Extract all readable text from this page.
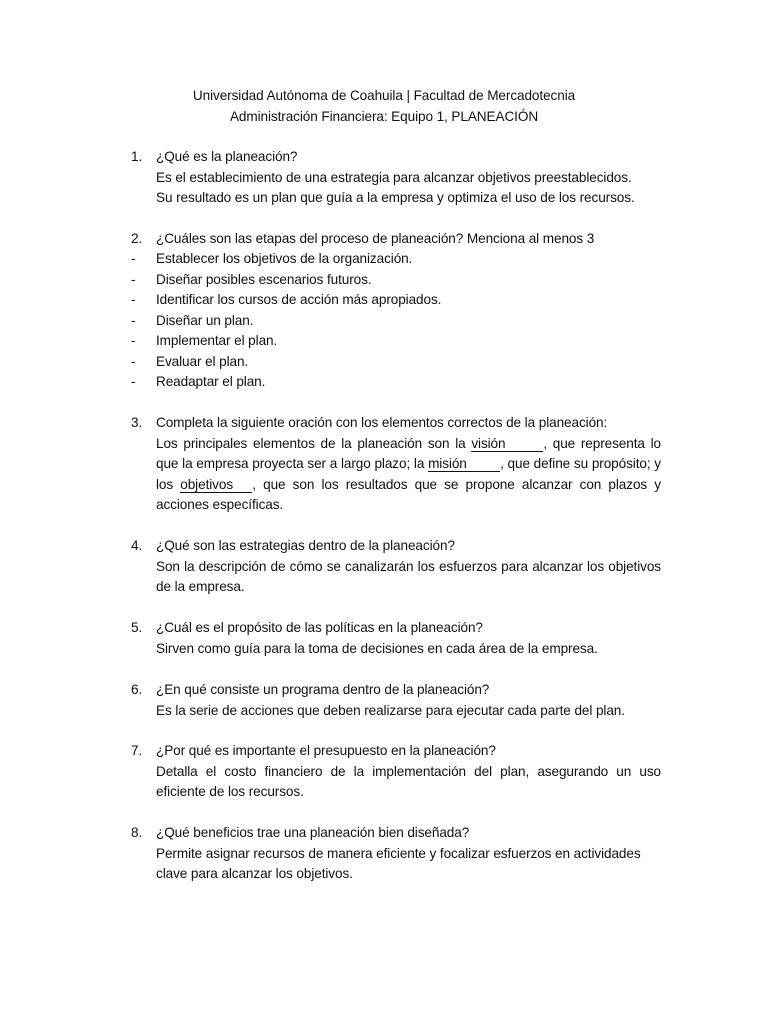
Universidad Autónoma de Coahuila | Facultad de Mercadotecnia
Administración Financiera: Equipo 1, PLANEACIÓN
1.	¿Qué es la planeación?
Es el establecimiento de una estrategia para alcanzar objetivos preestablecidos.
Su resultado es un plan que guía a la empresa y optimiza el uso de los recursos.
2.	¿Cuáles son las etapas del proceso de planeación? Menciona al menos 3
- Establecer los objetivos de la organización.
- Diseñar posibles escenarios futuros.
- Identificar los cursos de acción más apropiados.
- Diseñar un plan.
- Implementar el plan.
- Evaluar el plan.
- Readaptar el plan.
3.	Completa la siguiente oración con los elementos correctos de la planeación:
Los principales elementos de la planeación son la visión	, que representa lo que la empresa proyecta ser a largo plazo; la misión , que define su propósito; y los objetivos , que son los resultados que se propone alcanzar con plazos y acciones específicas.
4.	¿Qué son las estrategias dentro de la planeación?
Son la descripción de cómo se canalizarán los esfuerzos para alcanzar los objetivos de la empresa.
5.	¿Cuál es el propósito de las políticas en la planeación?
Sirven como guía para la toma de decisiones en cada área de la empresa.
6.	¿En qué consiste un programa dentro de la planeación?
Es la serie de acciones que deben realizarse para ejecutar cada parte del plan.
7.	¿Por qué es importante el presupuesto en la planeación?
Detalla el costo financiero de la implementación del plan, asegurando un uso eficiente de los recursos.
8.	¿Qué beneficios trae una planeación bien diseñada?
Permite asignar recursos de manera eficiente y focalizar esfuerzos en actividades clave para alcanzar los objetivos.
